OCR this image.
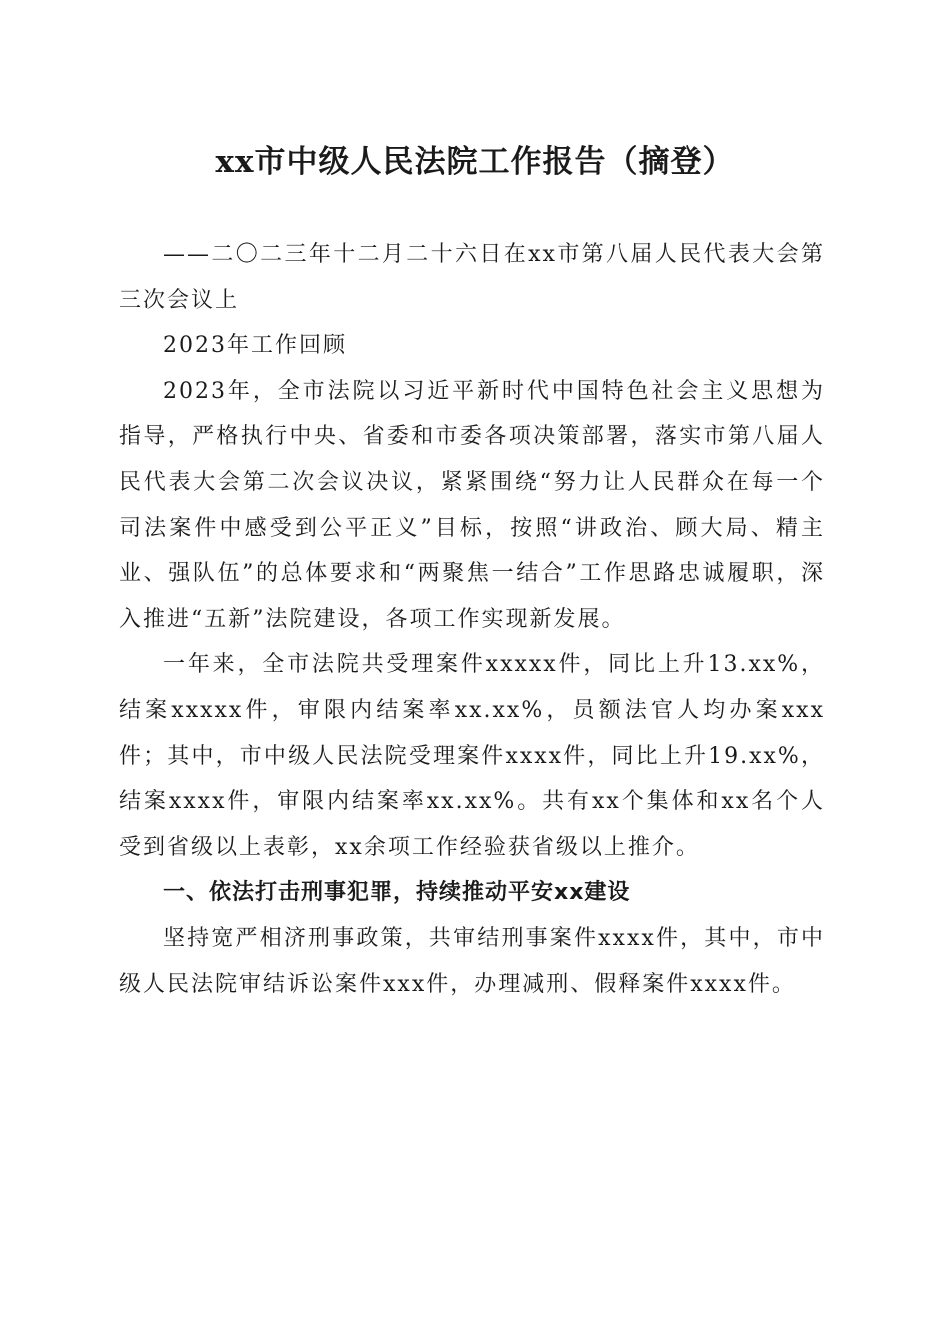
xx市中级人民法院工作报告（摘登）

——二〇二三年十二月二十六日在xx市第八届人民代表大会第三次会议上

2023年工作回顾

2023年，全市法院以习近平新时代中国特色社会主义思想为指导，严格执行中央、省委和市委各项决策部署，落实市第八届人民代表大会第二次会议决议，紧紧围绕“努力让人民群众在每一个司法案件中感受到公平正义”目标，按照“讲政治、顾大局、精主业、强队伍”的总体要求和“两聚焦一结合”工作思路忠诚履职，深入推进“五新”法院建设，各项工作实现新发展。

一年来，全市法院共受理案件xxxxx件，同比上升13.xx%，结案xxxxx件，审限内结案率xx.xx%，员额法官人均办案xxx件；其中，市中级人民法院受理案件xxxx件，同比上升19.xx%，结案xxxx件，审限内结案率xx.xx%。共有xx个集体和xx名个人受到省级以上表彰，xx余项工作经验获省级以上推介。

一、依法打击刑事犯罪，持续推动平安xx建设

坚持宽严相济刑事政策，共审结刑事案件xxxx件，其中，市中级人民法院审结诉讼案件xxx件，办理减刑、假释案件xxxx件。
